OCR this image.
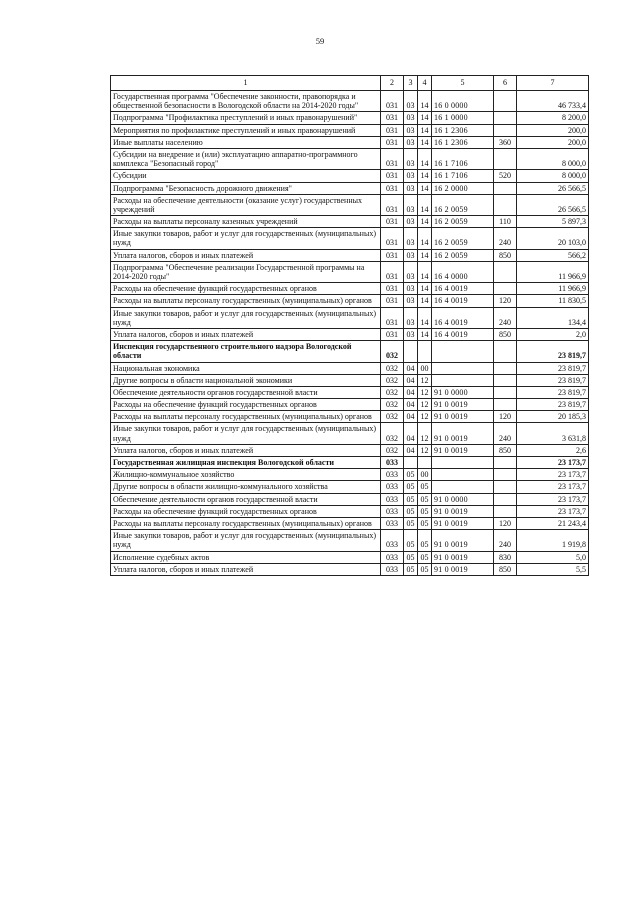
59
1	2	3	4	5	6	7
Государственная программа "Обеспечение законности, правопорядка и общественной безопасности в Вологодской области на 2014-2020 годы"	031	03	14	16 0 0000		46 733,4
Подпрограмма "Профилактика преступлений и иных правонарушений"	031	03	14	16 1 0000		8 200,0
Мероприятия по профилактике преступлений и иных правонарушений	031	03	14	16 1 2306		200,0
Иные выплаты населению	031	03	14	16 1 2306	360	200,0
Субсидии на внедрение и (или) эксплуатацию аппаратно-программного комплекса "Безопасный город"	031	03	14	16 1 7106		8 000,0
Субсидии	031	03	14	16 1 7106	520	8 000,0
Подпрограмма "Безопасность дорожного движения"	031	03	14	16 2 0000		26 566,5
Расходы на обеспечение деятельности (оказание услуг) государственных учреждений	031	03	14	16 2 0059		26 566,5
Расходы на выплаты персоналу казенных учреждений	031	03	14	16 2 0059	110	5 897,3
Иные закупки товаров, работ и услуг для государственных (муниципальных) нужд	031	03	14	16 2 0059	240	20 103,0
Уплата налогов, сборов и иных платежей	031	03	14	16 2 0059	850	566,2
Подпрограмма "Обеспечение реализации Государственной программы на 2014-2020 годы"	031	03	14	16 4 0000		11 966,9
Расходы на обеспечение функций государственных органов	031	03	14	16 4 0019		11 966,9
Расходы на выплаты персоналу государственных (муниципальных) органов	031	03	14	16 4 0019	120	11 830,5
Иные закупки товаров, работ и услуг для государственных (муниципальных) нужд	031	03	14	16 4 0019	240	134,4
Уплата налогов, сборов и иных платежей	031	03	14	16 4 0019	850	2,0
Инспекция государственного строительного надзора Вологодской области	032					23 819,7
Национальная экономика	032	04	00			23 819,7
Другие вопросы в области национальной экономики	032	04	12			23 819,7
Обеспечение деятельности органов государственной власти	032	04	12	91 0 0000		23 819,7
Расходы на обеспечение функций государственных органов	032	04	12	91 0 0019		23 819,7
Расходы на выплаты персоналу государственных (муниципальных) органов	032	04	12	91 0 0019	120	20 185,3
Иные закупки товаров, работ и услуг для государственных (муниципальных) нужд	032	04	12	91 0 0019	240	3 631,8
Уплата налогов, сборов и иных платежей	032	04	12	91 0 0019	850	2,6
Государственная жилищная инспекция Вологодской области	033					23 173,7
Жилищно-коммунальное хозяйство	033	05	00			23 173,7
Другие вопросы в области жилищно-коммунального хозяйства	033	05	05			23 173,7
Обеспечение деятельности органов государственной власти	033	05	05	91 0 0000		23 173,7
Расходы на обеспечение функций государственных органов	033	05	05	91 0 0019		23 173,7
Расходы на выплаты персоналу государственных (муниципальных) органов	033	05	05	91 0 0019	120	21 243,4
Иные закупки товаров, работ и услуг для государственных (муниципальных) нужд	033	05	05	91 0 0019	240	1 919,8
Исполнение судебных актов	033	05	05	91 0 0019	830	5,0
Уплата налогов, сборов и иных платежей	033	05	05	91 0 0019	850	5,5
